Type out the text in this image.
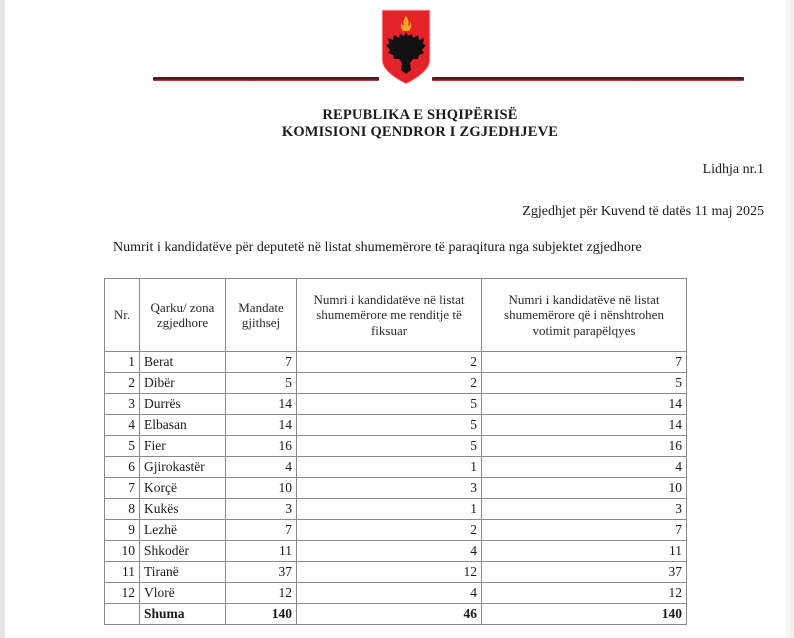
REPUBLIKA E SHQIPËRISË
KOMISIONI QENDROR I ZGJEDHJEVE
Lidhja nr.1
Zgjedhjet për Kuvend të datës 11 maj 2025
Numrit i kandidatëve për deputetë në listat shumemërore të paraqitura nga subjektet zgjedhore
Nr.	Qarku/ zona zgjedhore	Mandate gjithsej	Numri i kandidatëve në listat shumemërore me renditje të fiksuar	Numri i kandidatëve në listat shumemërore që i nënshtrohen votimit parapëlqyes
1	Berat	7	2	7
2	Dibër	5	2	5
3	Durrës	14	5	14
4	Elbasan	14	5	14
5	Fier	16	5	16
6	Gjirokastër	4	1	4
7	Korçë	10	3	10
8	Kukës	3	1	3
9	Lezhë	7	2	7
10	Shkodër	11	4	11
11	Tiranë	37	12	37
12	Vlorë	12	4	12
	Shuma	140	46	140
